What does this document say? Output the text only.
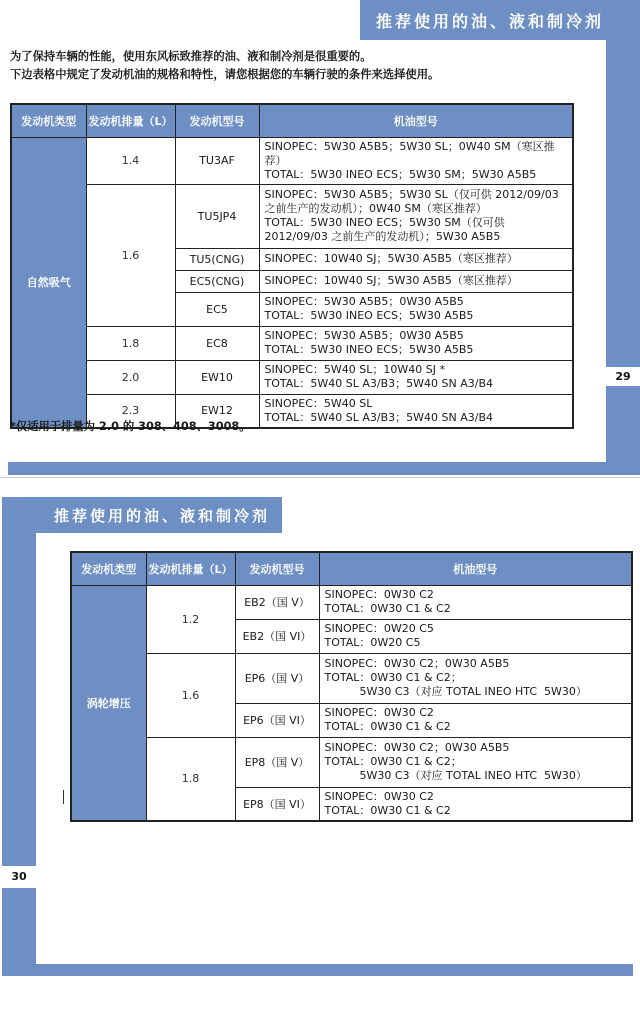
推荐使用的油、液和制冷剂
29
为了保持车辆的性能，使用东风标致推荐的油、液和制冷剂是很重要的。
下边表格中规定了发动机油的规格和特性，请您根据您的车辆行驶的条件来选择使用。
发动机类型	发动机排量（L）	发动机型号	机油型号
自然吸气	1.4	TU3AF	SINOPEC：5W30 A5B5；5W30 SL；0W40 SM（寒区推荐）
TOTAL：5W30 INEO ECS；5W30 SM；5W30 A5B5

	1.6	TU5JP4	SINOPEC：5W30 A5B5；5W30 SL（仅可供 2012/09/03 之前生产的发动机）；0W40 SM（寒区推荐）
TOTAL：5W30 INEO ECS；5W30 SM（仅可供 2012/09/03 之前生产的发动机）；5W30 A5B5

		TU5(CNG)	SINOPEC：10W40 SJ；5W30 A5B5（寒区推荐）

		EC5(CNG)	SINOPEC：10W40 SJ；5W30 A5B5（寒区推荐）

		EC5	SINOPEC：5W30 A5B5；0W30 A5B5
TOTAL：5W30 INEO ECS；5W30 A5B5

	1.8	EC8	SINOPEC：5W30 A5B5；0W30 A5B5
TOTAL：5W30 INEO ECS；5W30 A5B5

	2.0	EW10	SINOPEC：5W40 SL；10W40 SJ *
TOTAL：5W40 SL A3/B3；5W40 SN A3/B4

	2.3	EW12	SINOPEC：5W40 SL
TOTAL：5W40 SL A3/B3；5W40 SN A3/B4
*仅适用于排量为 2.0 的 308、408、3008。
推荐使用的油、液和制冷剂
30
发动机类型	发动机排量（L）	发动机型号	机油型号
涡轮增压	1.2	EB2（国 V）	SINOPEC：0W30 C2
TOTAL：0W30 C1 & C2

		EB2（国 VI）	SINOPEC：0W20 C5
TOTAL：0W20 C5

	1.6	EP6（国 V）	SINOPEC：0W30 C2；0W30 A5B5
TOTAL：0W30 C1 & C2；
5W30 C3（对应 TOTAL INEO HTC  5W30）

		EP6（国 VI）	SINOPEC：0W30 C2
TOTAL：0W30 C1 & C2

	1.8	EP8（国 V）	SINOPEC：0W30 C2；0W30 A5B5
TOTAL：0W30 C1 & C2；
5W30 C3（对应 TOTAL INEO HTC  5W30）

		EP8（国 VI）	SINOPEC：0W30 C2
TOTAL：0W30 C1 & C2
